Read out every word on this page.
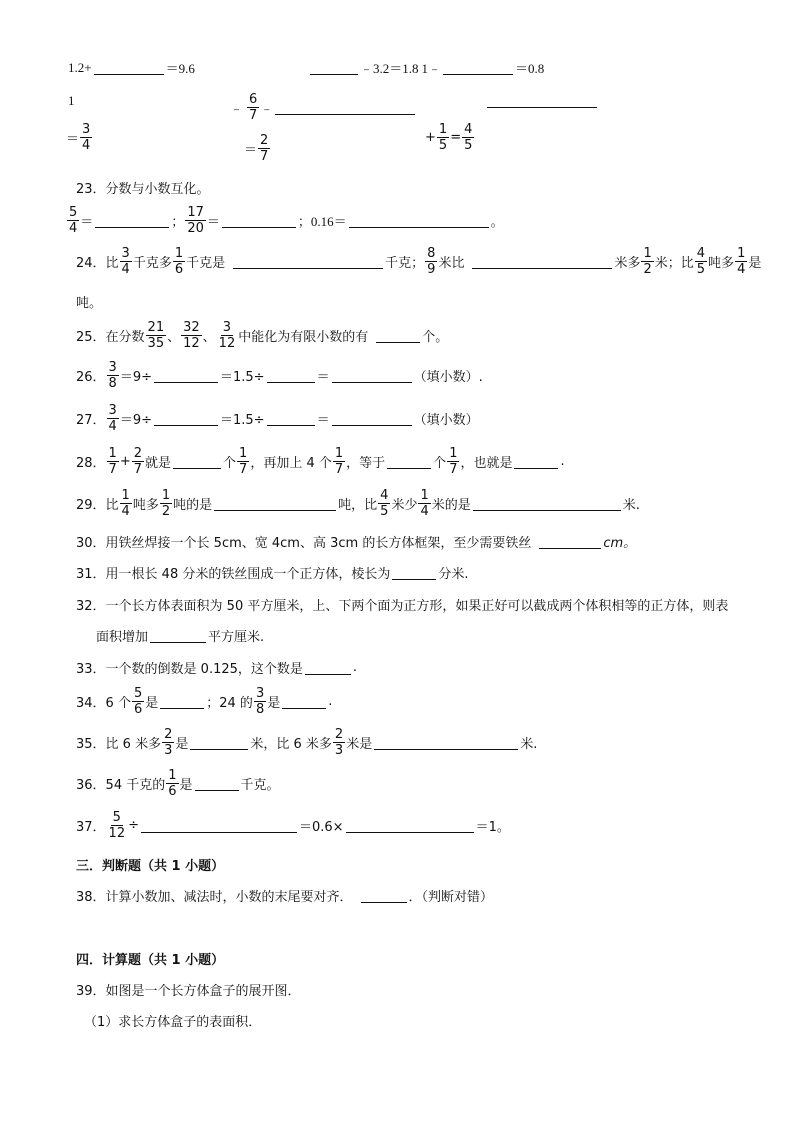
1.2+	＝9.6	﹣3.2＝1.8 1﹣	＝0.8
1
＝ $\frac{3}{4}$
﹣ $\frac{6}{7}$ ﹣
＝ $\frac{2}{7}$	+ $\frac{1}{5} = \frac{4}{5}$
23．分数与小数互化。
$\frac{5}{4}$ ＝	； $\frac{17}{20}$ ＝	； 0.16＝	。
24．比 $\frac{3}{4}$ 千克多 $\frac{1}{6}$ 千克是	千克； $\frac{8}{9}$ 米比	米多 $\frac{1}{2}$ 米；比 $\frac{4}{5}$ 吨多 $\frac{1}{4}$ 是
吨。
25．在分数 $\frac{21}{35}$ 、 $\frac{32}{12}$ 、 $\frac{3}{12}$ 中能化为有限小数的有	个。
26． $\frac{3}{8} =9\div$	＝1.5÷	＝	（填小数）.
27． $\frac{3}{4} =9\div$	＝1.5÷	＝	（填小数）
28． $\frac{1}{7} + \frac{2}{7}$ 就是	个 $\frac{1}{7}$ ，再加上 4 个 $\frac{1}{7}$ ，等于	个 $\frac{1}{7}$ ，也就是	.
29．比 $\frac{1}{4}$ 吨多 $\frac{1}{2}$ 吨的是	吨，比 $\frac{4}{5}$ 米少 $\frac{1}{4}$ 米的是	米.
30．用铁丝焊接一个长 5cm、宽 4cm、高 3cm 的长方体框架，至少需要铁丝	cm。
31．用一根长 48 分米的铁丝围成一个正方体，棱长为	分米.
32．一个长方体表面积为 50 平方厘米，上、下两个面为正方形，如果正好可以截成两个体积相等的正方体，则表
面积增加	平方厘米.
33．一个数的倒数是 0.125，这个数是	.
34．6 个 $\frac{5}{6}$ 是	；24 的 $\frac{3}{8}$ 是	.
35．比 6 米多 $\frac{2}{3}$ 是	米，比 6 米多 $\frac{2}{3}$ 米是	米.
36．54 千克的 $\frac{1}{6}$ 是	千克。
37． $\frac{5}{12}$ ÷	＝0.6×	＝1。
三．判断题（共 1 小题）
38．计算小数加、减法时，小数的末尾要对齐．	．（判断对错）
四．计算题（共 1 小题）
39．如图是一个长方体盒子的展开图．
（1）求长方体盒子的表面积．
